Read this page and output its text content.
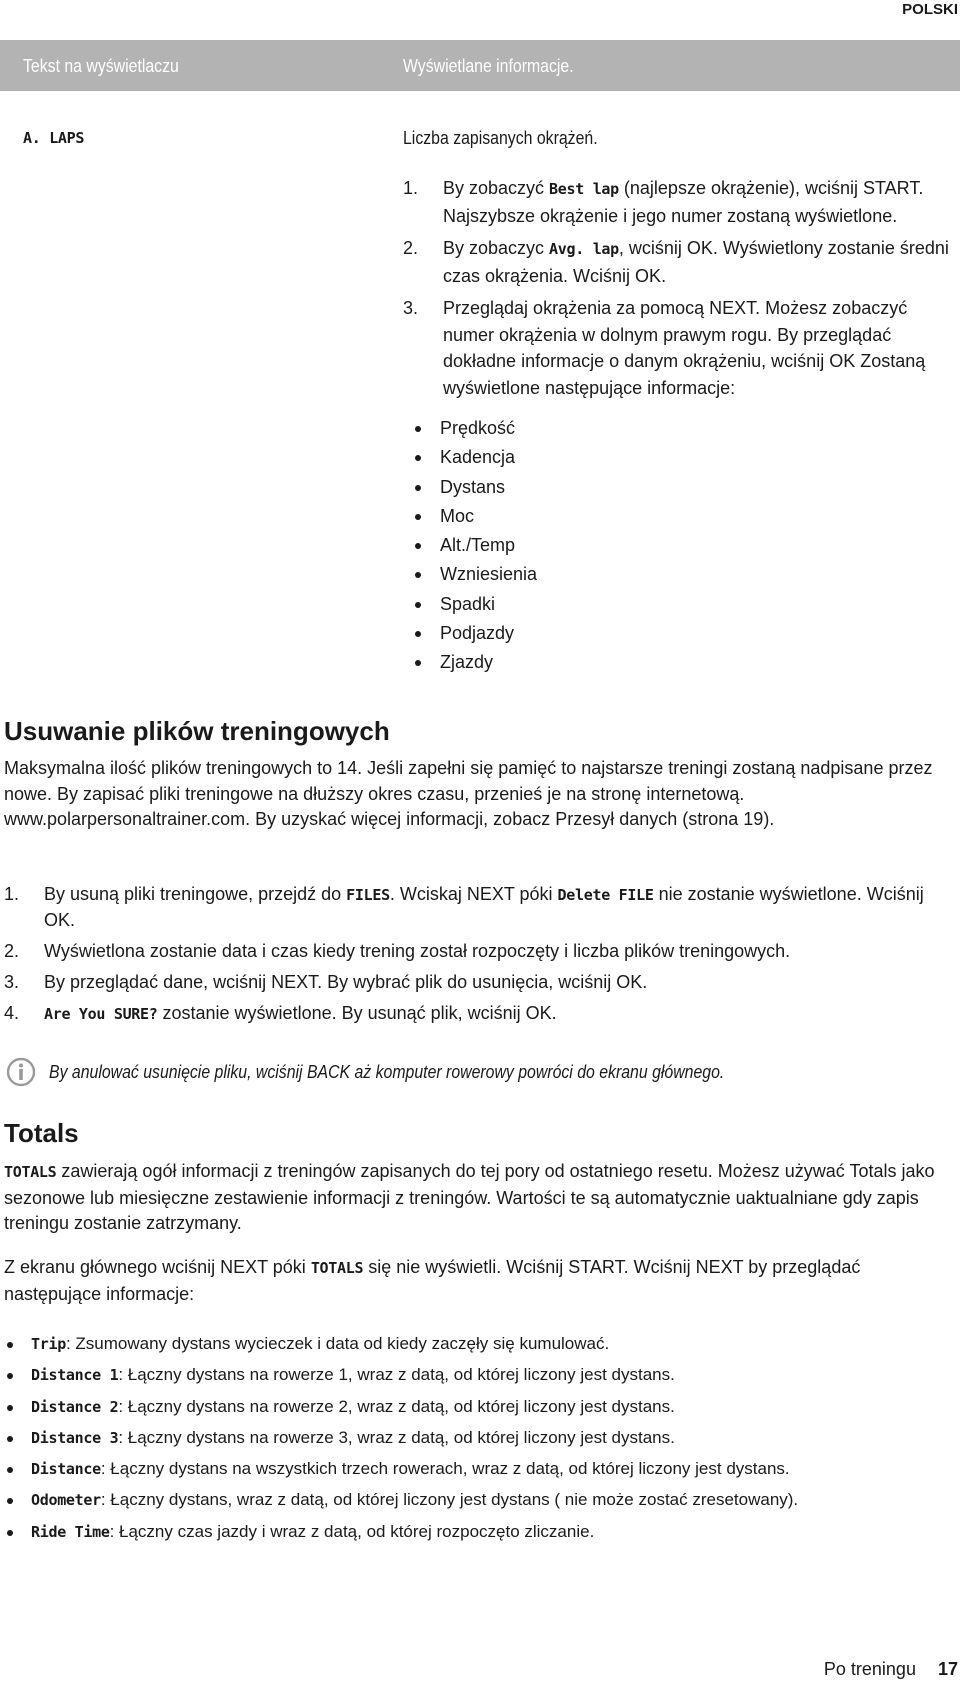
POLSKI
Tekst na wyświetlaczu	Wyświetlane informacje.
A. LAPS	Liczba zapisanych okrążeń.
1.	By zobaczyć Best lap (najlepsze okrążenie), wciśnij START. Najszybsze okrążenie i jego numer zostaną wyświetlone.
2.	By zobaczyc Avg. lap, wciśnij OK. Wyświetlony zostanie średni czas okrążenia. Wciśnij OK.
3.	Przeglądaj okrążenia za pomocą NEXT. Możesz zobaczyć numer okrążenia w dolnym prawym rogu. By przeglądać dokładne informacje o danym okrążeniu, wciśnij OK Zostaną wyświetlone następujące informacje:
Prędkość
Kadencja
Dystans
Moc
Alt./Temp
Wzniesienia
Spadki
Podjazdy
Zjazdy
Usuwanie plików treningowych
Maksymalna ilość plików treningowych to 14. Jeśli zapełni się pamięć to najstarsze treningi zostaną nadpisane przez nowe. By zapisać pliki treningowe na dłuższy okres czasu, przenieś je na stronę internetową. www.polarpersonaltrainer.com. By uzyskać więcej informacji, zobacz Przesył danych (strona 19).
1.	By usuną pliki treningowe, przejdź do FILES. Wciskaj NEXT póki Delete FILE nie zostanie wyświetlone. Wciśnij OK.
2.	Wyświetlona zostanie data i czas kiedy trening został rozpoczęty i liczba plików treningowych.
3.	By przeglądać dane, wciśnij NEXT. By wybrać plik do usunięcia, wciśnij OK.
4.	Are You SURE? zostanie wyświetlone. By usunąć plik, wciśnij OK.
By anulować usunięcie pliku, wciśnij BACK aż komputer rowerowy powróci do ekranu głównego.
Totals
TOTALS zawierają ogół informacji z treningów zapisanych do tej pory od ostatniego resetu. Możesz używać Totals jako sezonowe lub miesięczne zestawienie informacji z treningów. Wartości te są automatycznie uaktualniane gdy zapis treningu zostanie zatrzymany.
Z ekranu głównego wciśnij NEXT póki TOTALS się nie wyświetli. Wciśnij START. Wciśnij NEXT by przeglądać następujące informacje:
Trip: Zsumowany dystans wycieczek i data od kiedy zaczęły się kumulować.
Distance 1: Łączny dystans na rowerze 1, wraz z datą, od której liczony jest dystans.
Distance 2: Łączny dystans na rowerze 2, wraz z datą, od której liczony jest dystans.
Distance 3: Łączny dystans na rowerze 3, wraz z datą, od której liczony jest dystans.
Distance: Łączny dystans na wszystkich trzech rowerach, wraz z datą, od której liczony jest dystans.
Odometer: Łączny dystans, wraz z datą, od której liczony jest dystans ( nie może zostać zresetowany).
Ride Time: Łączny czas jazdy i wraz z datą, od której rozpoczęto zliczanie.
Po treningu 17
